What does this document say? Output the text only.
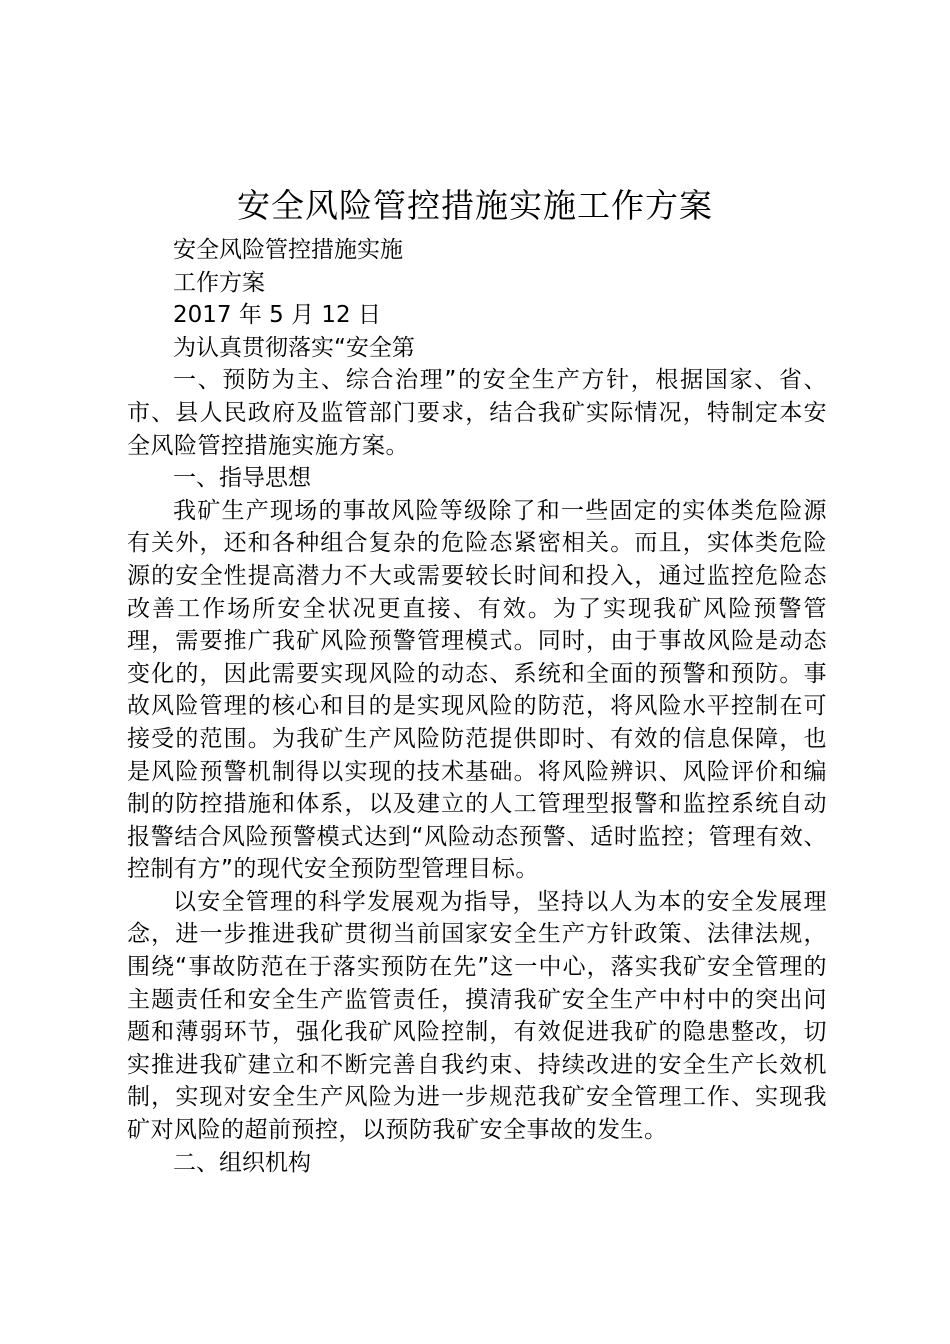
安全风险管控措施实施工作方案

安全风险管控措施实施

工作方案

2017 年 5 月 12 日

为认真贯彻落实“安全第

一、预防为主、综合治理”的安全生产方针，根据国家、省、市、县人民政府及监管部门要求，结合我矿实际情况，特制定本安全风险管控措施实施方案。

一、指导思想

我矿生产现场的事故风险等级除了和一些固定的实体类危险源有关外，还和各种组合复杂的危险态紧密相关。而且，实体类危险源的安全性提高潜力不大或需要较长时间和投入，通过监控危险态改善工作场所安全状况更直接、有效。为了实现我矿风险预警管理，需要推广我矿风险预警管理模式。同时，由于事故风险是动态变化的，因此需要实现风险的动态、系统和全面的预警和预防。事故风险管理的核心和目的是实现风险的防范，将风险水平控制在可接受的范围。为我矿生产风险防范提供即时、有效的信息保障，也是风险预警机制得以实现的技术基础。将风险辨识、风险评价和编制的防控措施和体系，以及建立的人工管理型报警和监控系统自动报警结合风险预警模式达到“风险动态预警、适时监控；管理有效、控制有方”的现代安全预防型管理目标。

以安全管理的科学发展观为指导，坚持以人为本的安全发展理念，进一步推进我矿贯彻当前国家安全生产方针政策、法律法规，围绕“事故防范在于落实预防在先”这一中心，落实我矿安全管理的主题责任和安全生产监管责任，摸清我矿安全生产中村中的突出问题和薄弱环节，强化我矿风险控制，有效促进我矿的隐患整改，切实推进我矿建立和不断完善自我约束、持续改进的安全生产长效机制，实现对安全生产风险为进一步规范我矿安全管理工作、实现我矿对风险的超前预控，以预防我矿安全事故的发生。

二、组织机构
